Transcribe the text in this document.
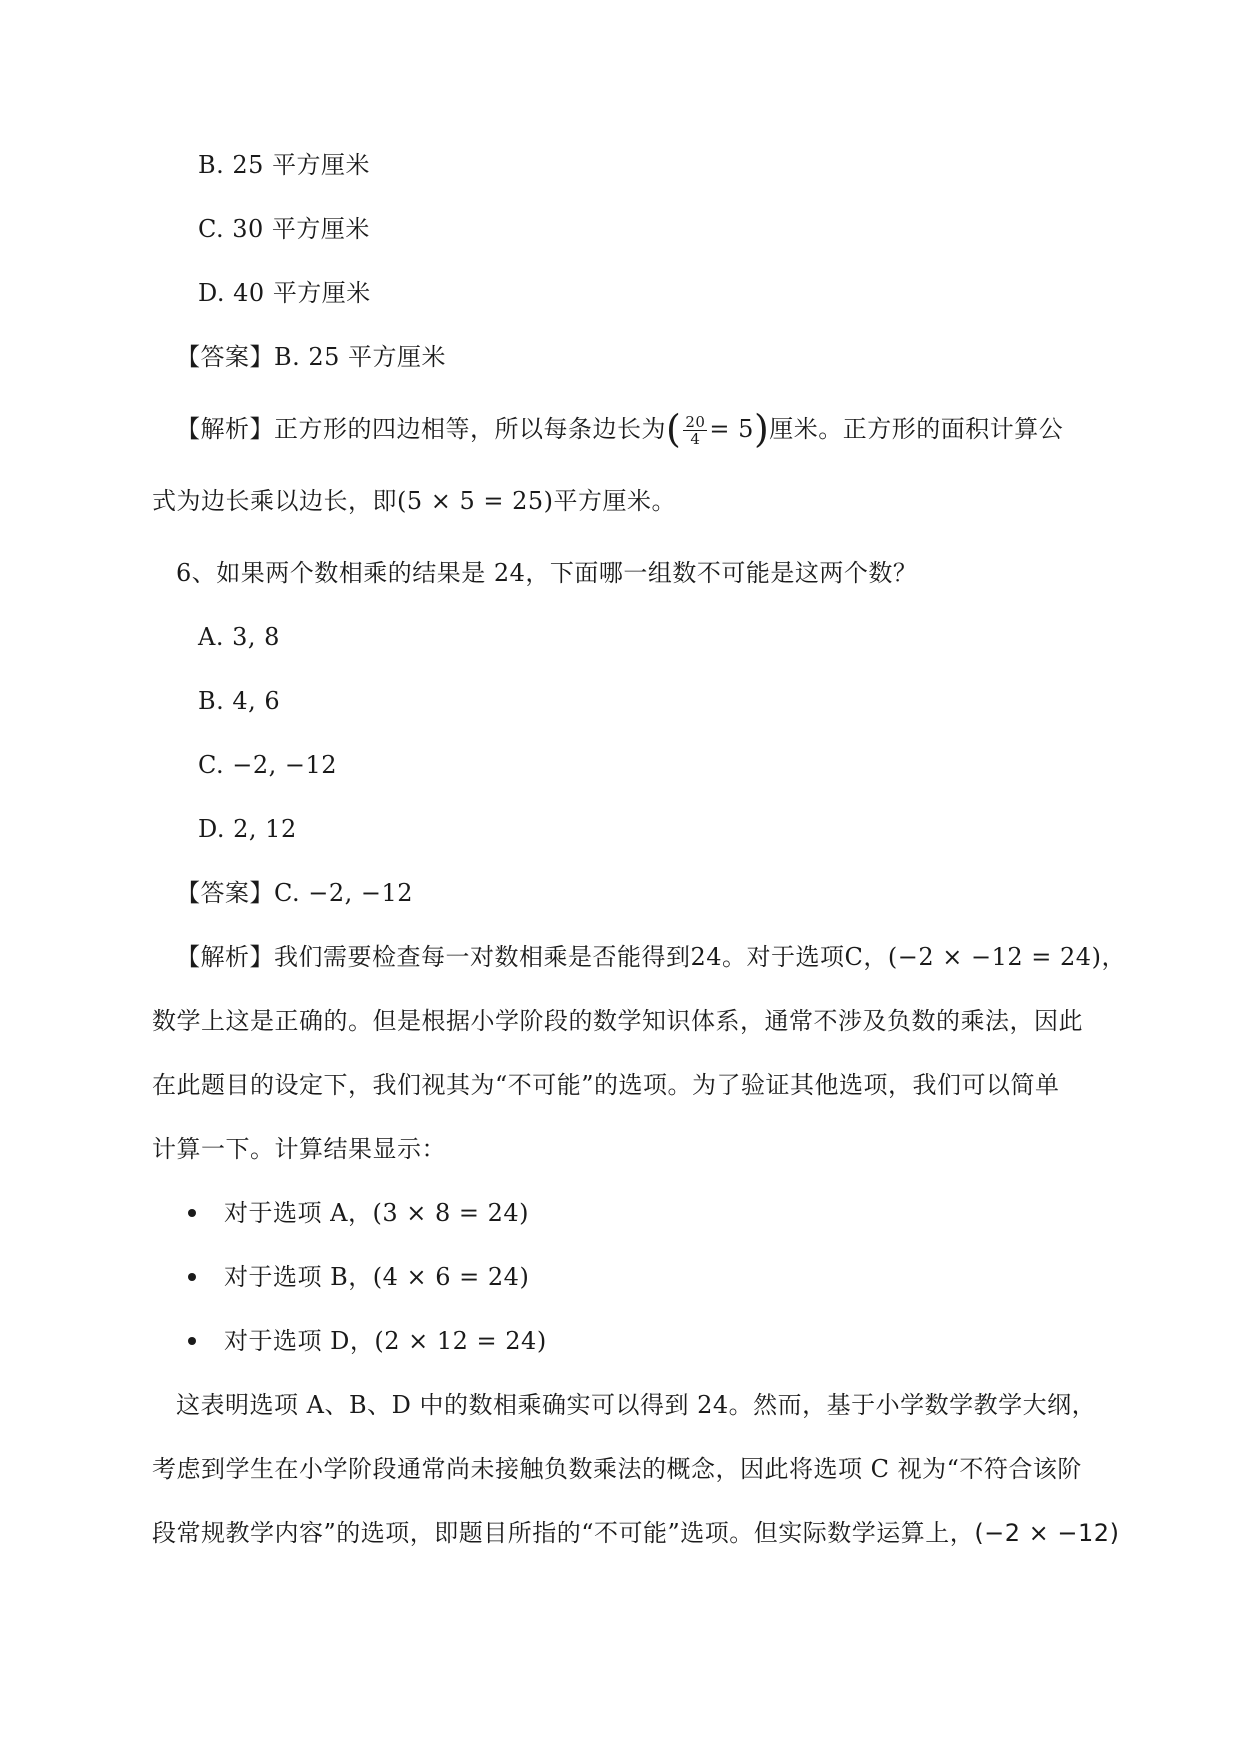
B. 25 平方厘米
C. 30 平方厘米
D. 40 平方厘米
【答案】B. 25 平方厘米
【解析】正方形的四边相等，所以每条边长为( $\frac{20}{4} = 5$)厘米。正方形的面积计算公
式为边长乘以边长，即(5 × 5 = 25)平方厘米。
6、如果两个数相乘的结果是 24，下面哪一组数不可能是这两个数？
A. 3, 8
B. 4, 6
C. −2, −12
D. 2, 12
【答案】C. −2, −12
【解析】我们需要检查每一对数相乘是否能得到24。对于选项C，(−2 × −12 = 24)，
数学上这是正确的。但是根据小学阶段的数学知识体系，通常不涉及负数的乘法，因此
在此题目的设定下，我们视其为“不可能”的选项。为了验证其他选项，我们可以简单
计算一下。计算结果显示：
对于选项 A，(3 × 8 = 24)
对于选项 B，(4 × 6 = 24)
对于选项 D，(2 × 12 = 24)
这表明选项 A、B、D 中的数相乘确实可以得到 24。然而，基于小学数学教学大纲，
考虑到学生在小学阶段通常尚未接触负数乘法的概念，因此将选项 C 视为“不符合该阶
段常规教学内容”的选项，即题目所指的“不可能”选项。但实际数学运算上，(−2 × −12)
